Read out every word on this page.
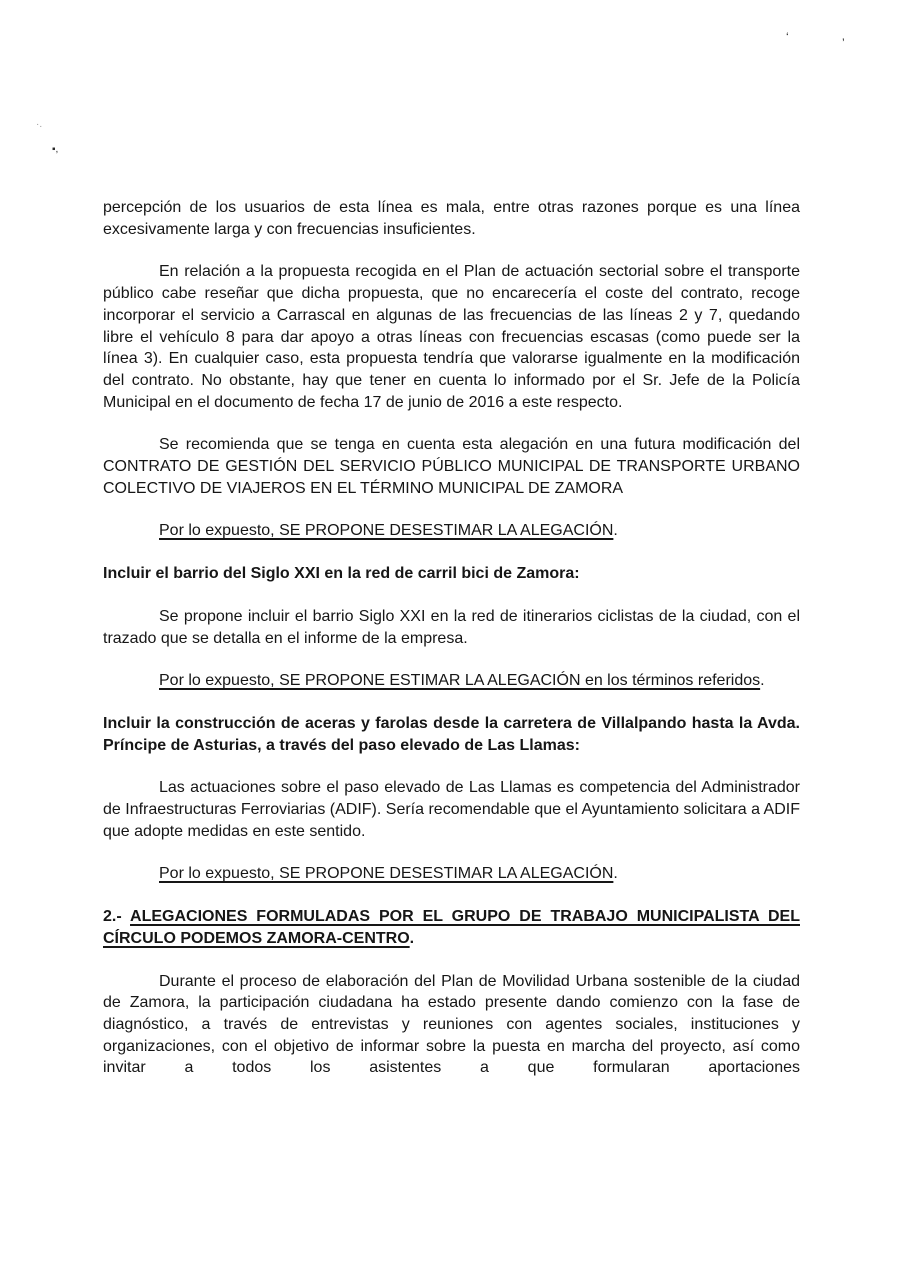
‘	’
·.
▪,

percepción de los usuarios de esta línea es mala, entre otras razones porque es una línea excesivamente larga y con frecuencias insuficientes.

En relación a la propuesta recogida en el Plan de actuación sectorial sobre el transporte público cabe reseñar que dicha propuesta, que no encarecería el coste del contrato, recoge incorporar el servicio a Carrascal en algunas de las frecuencias de las líneas 2 y 7, quedando libre el vehículo 8 para dar apoyo a otras líneas con frecuencias escasas (como puede ser la línea 3). En cualquier caso, esta propuesta tendría que valorarse igualmente en la modificación del contrato. No obstante, hay que tener en cuenta lo informado por el Sr. Jefe de la Policía Municipal en el documento de fecha 17 de junio de 2016 a este respecto.

Se recomienda que se tenga en cuenta esta alegación en una futura modificación del CONTRATO DE GESTIÓN DEL SERVICIO PÚBLICO MUNICIPAL DE TRANSPORTE URBANO COLECTIVO DE VIAJEROS EN EL TÉRMINO MUNICIPAL DE ZAMORA

Por lo expuesto, SE PROPONE DESESTIMAR LA ALEGACIÓN.

Incluir el barrio del Siglo XXI en la red de carril bici de Zamora:

Se propone incluir el barrio Siglo XXI en la red de itinerarios ciclistas de la ciudad, con el trazado que se detalla en el informe de la empresa.

Por lo expuesto, SE PROPONE ESTIMAR LA ALEGACIÓN en los términos referidos.

Incluir la construcción de aceras y farolas desde la carretera de Villalpando hasta la Avda. Príncipe de Asturias, a través del paso elevado de Las Llamas:

Las actuaciones sobre el paso elevado de Las Llamas es competencia del Administrador de Infraestructuras Ferroviarias (ADIF). Sería recomendable que el Ayuntamiento solicitara a ADIF que adopte medidas en este sentido.

Por lo expuesto, SE PROPONE DESESTIMAR LA ALEGACIÓN.

2.- ALEGACIONES FORMULADAS POR EL GRUPO DE TRABAJO MUNICIPALISTA DEL CÍRCULO PODEMOS ZAMORA-CENTRO.

Durante el proceso de elaboración del Plan de Movilidad Urbana sostenible de la ciudad de Zamora, la participación ciudadana ha estado presente dando comienzo con la fase de diagnóstico, a través de entrevistas y reuniones con agentes sociales, instituciones y organizaciones, con el objetivo de informar sobre la puesta en marcha del proyecto, así como invitar a todos los asistentes a que formularan aportaciones
